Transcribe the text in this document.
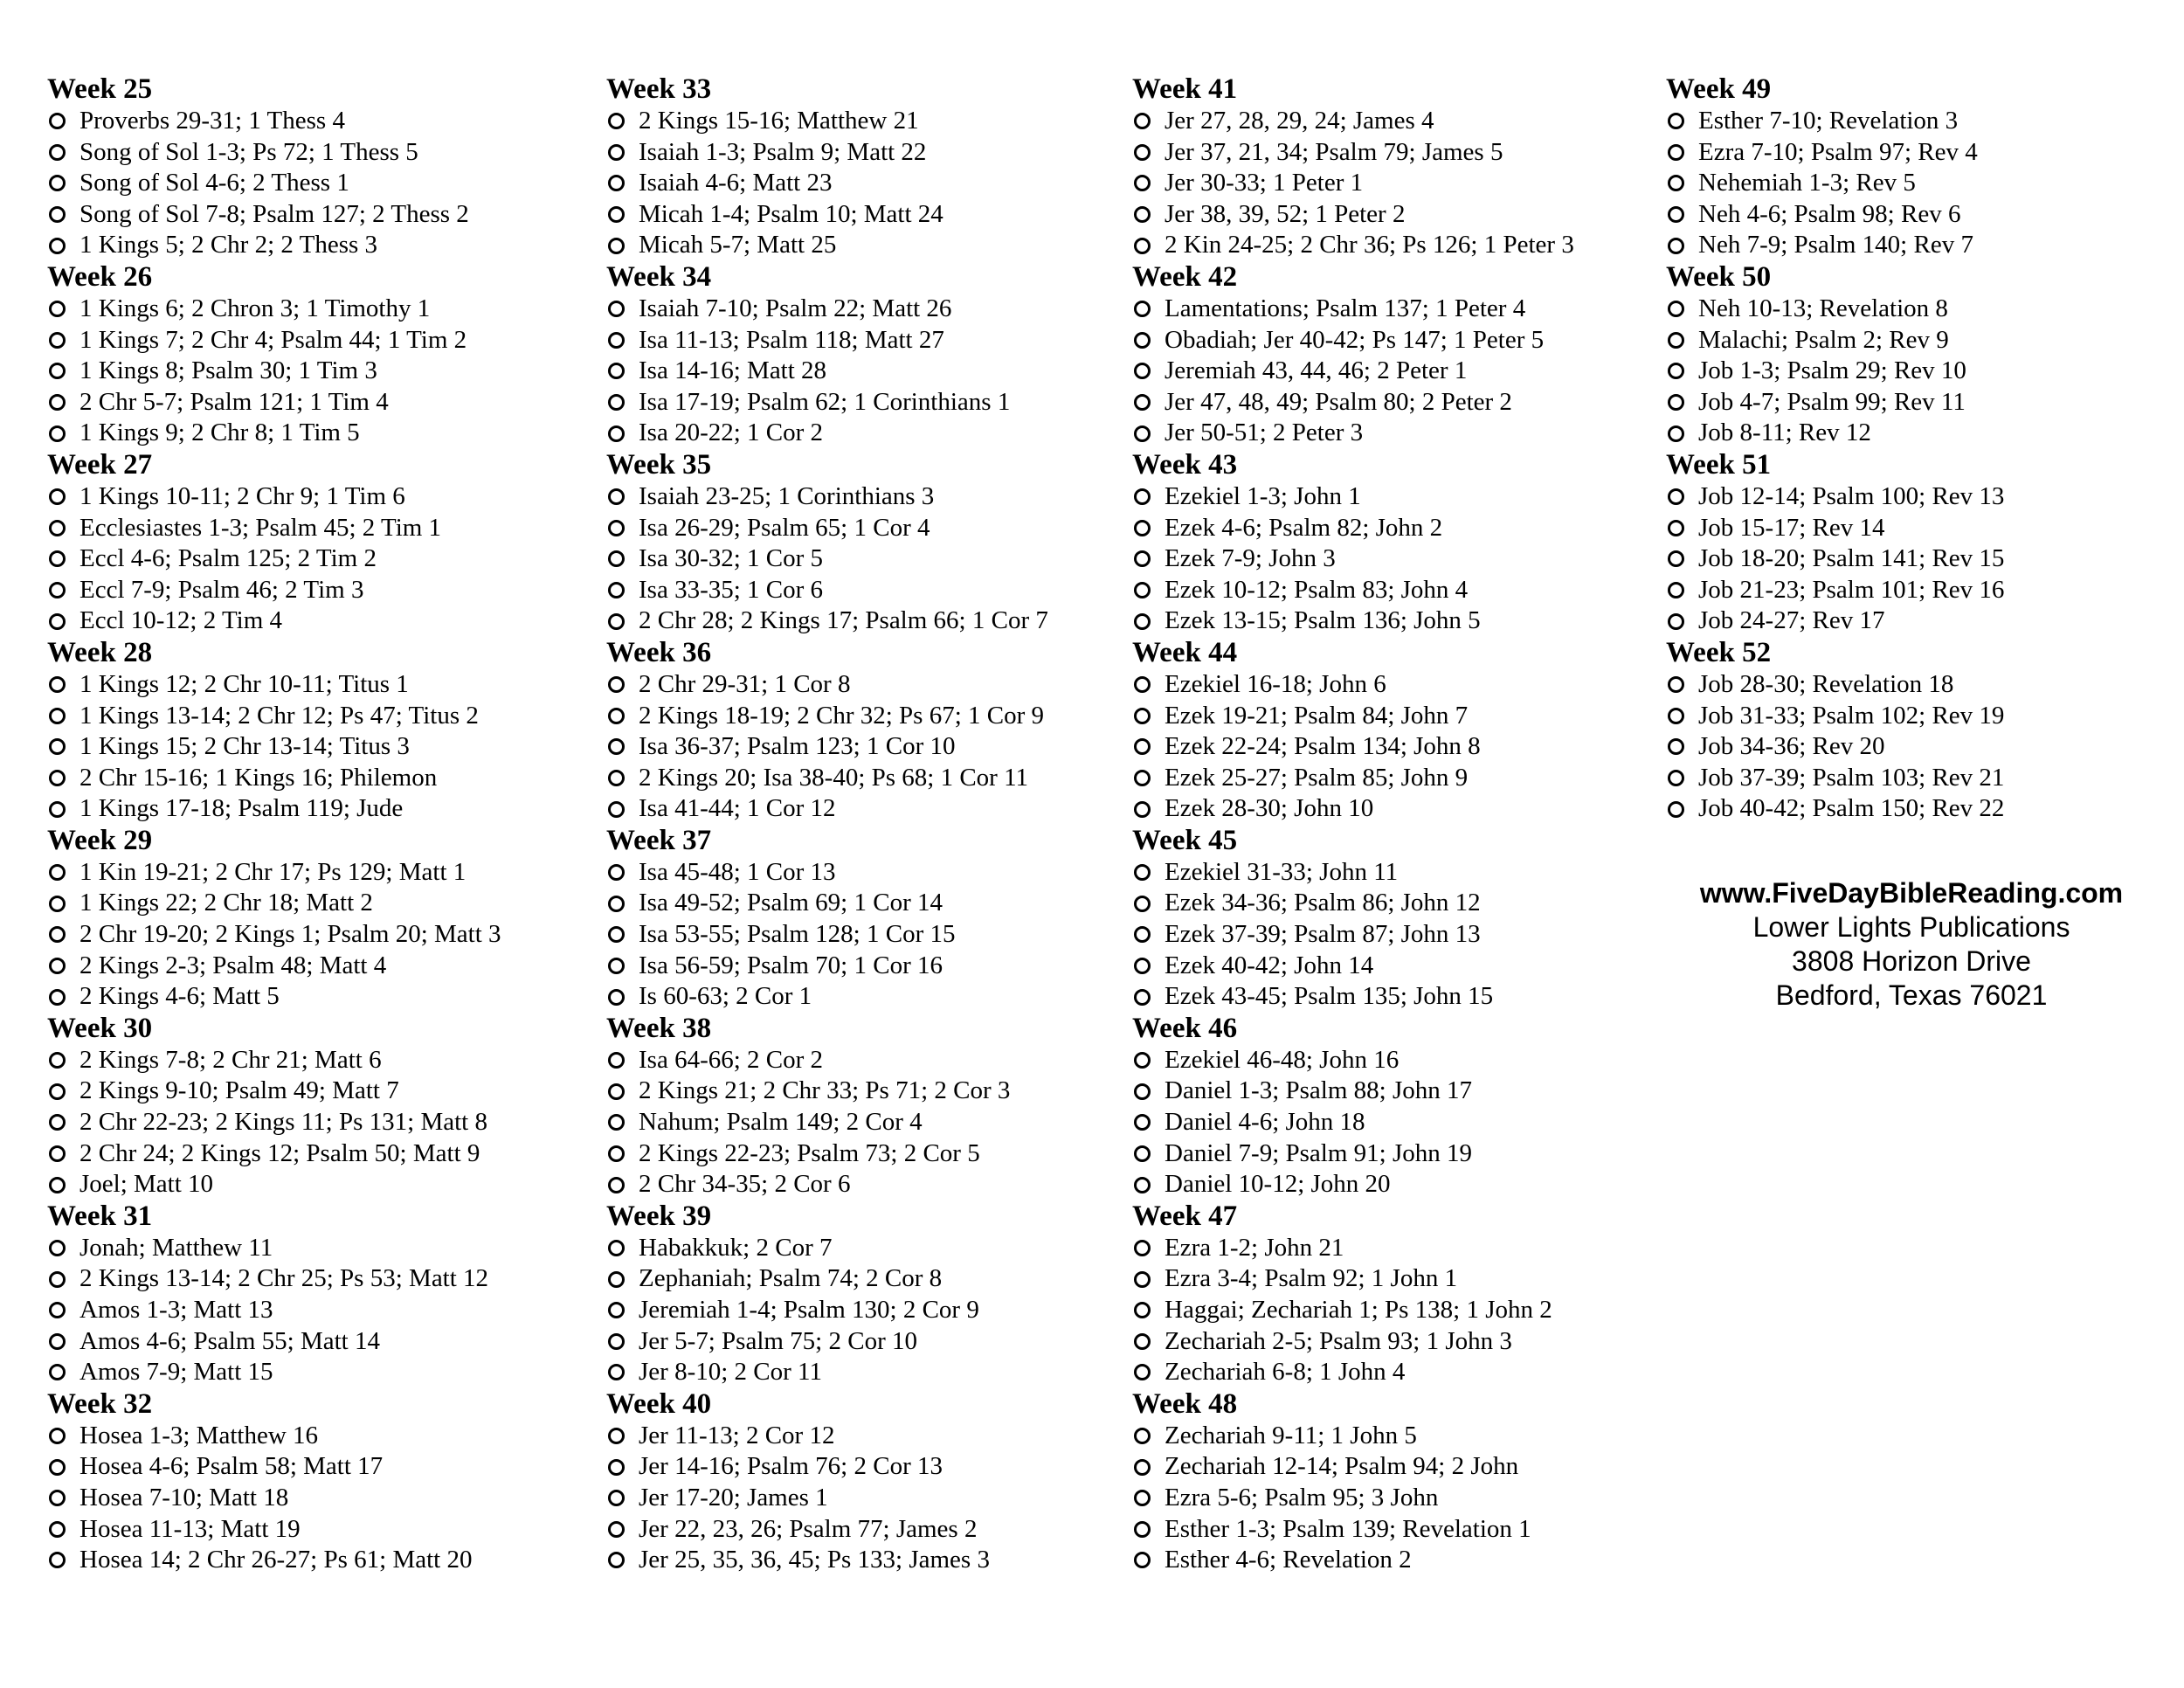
Week 25
Proverbs 29-31; 1 Thess 4
Song of Sol 1-3; Ps 72; 1 Thess 5
Song of Sol 4-6; 2 Thess 1
Song of Sol 7-8; Psalm 127; 2 Thess 2
1 Kings 5; 2 Chr 2; 2 Thess 3
Week 26
1 Kings 6; 2 Chron 3; 1 Timothy 1
1 Kings 7; 2 Chr 4; Psalm 44; 1 Tim 2
1 Kings 8; Psalm 30; 1 Tim 3
2 Chr 5-7; Psalm 121; 1 Tim 4
1 Kings 9; 2 Chr 8; 1 Tim 5
Week 27
1 Kings 10-11; 2 Chr 9; 1 Tim 6
Ecclesiastes 1-3; Psalm 45; 2 Tim 1
Eccl 4-6; Psalm 125; 2 Tim 2
Eccl 7-9; Psalm 46; 2 Tim 3
Eccl 10-12; 2 Tim 4
Week 28
1 Kings 12; 2 Chr 10-11; Titus 1
1 Kings 13-14; 2 Chr 12; Ps 47; Titus 2
1 Kings 15; 2 Chr 13-14; Titus 3
2 Chr 15-16; 1 Kings 16; Philemon
1 Kings 17-18; Psalm 119; Jude
Week 29
1 Kin 19-21; 2 Chr 17; Ps 129; Matt 1
1 Kings 22; 2 Chr 18; Matt 2
2 Chr 19-20; 2 Kings 1; Psalm 20; Matt 3
2 Kings 2-3; Psalm 48; Matt 4
2 Kings 4-6; Matt 5
Week 30
2 Kings 7-8; 2 Chr 21; Matt 6
2 Kings 9-10; Psalm 49; Matt 7
2 Chr 22-23; 2 Kings 11; Ps 131; Matt 8
2 Chr 24; 2 Kings 12; Psalm 50; Matt 9
Joel; Matt 10
Week 31
Jonah; Matthew 11
2 Kings 13-14; 2 Chr 25; Ps 53; Matt 12
Amos 1-3; Matt 13
Amos 4-6; Psalm 55; Matt 14
Amos 7-9; Matt 15
Week 32
Hosea 1-3; Matthew 16
Hosea 4-6; Psalm 58; Matt 17
Hosea 7-10; Matt 18
Hosea 11-13; Matt 19
Hosea 14; 2 Chr 26-27; Ps 61; Matt 20
Week 33
2 Kings 15-16; Matthew 21
Isaiah 1-3; Psalm 9; Matt 22
Isaiah 4-6; Matt 23
Micah 1-4; Psalm 10; Matt 24
Micah 5-7; Matt 25
Week 34
Isaiah 7-10; Psalm 22; Matt 26
Isa 11-13; Psalm 118; Matt 27
Isa 14-16; Matt 28
Isa 17-19; Psalm 62; 1 Corinthians 1
Isa 20-22; 1 Cor 2
Week 35
Isaiah 23-25; 1 Corinthians 3
Isa 26-29; Psalm 65; 1 Cor 4
Isa 30-32; 1 Cor 5
Isa 33-35; 1 Cor 6
2 Chr 28; 2 Kings 17; Psalm 66; 1 Cor 7
Week 36
2 Chr 29-31; 1 Cor 8
2 Kings 18-19; 2 Chr 32; Ps 67; 1 Cor 9
Isa 36-37; Psalm 123; 1 Cor 10
2 Kings 20; Isa 38-40; Ps 68; 1 Cor 11
Isa 41-44; 1 Cor 12
Week 37
Isa 45-48; 1 Cor 13
Isa 49-52; Psalm 69; 1 Cor 14
Isa 53-55; Psalm 128; 1 Cor 15
Isa 56-59; Psalm 70; 1 Cor 16
Is 60-63; 2 Cor 1
Week 38
Isa 64-66; 2 Cor 2
2 Kings 21; 2 Chr 33; Ps 71; 2 Cor 3
Nahum; Psalm 149; 2 Cor 4
2 Kings 22-23; Psalm 73; 2 Cor 5
2 Chr 34-35; 2 Cor 6
Week 39
Habakkuk; 2 Cor 7
Zephaniah; Psalm 74; 2 Cor 8
Jeremiah 1-4; Psalm 130; 2 Cor 9
Jer 5-7; Psalm 75; 2 Cor 10
Jer 8-10; 2 Cor 11
Week 40
Jer 11-13; 2 Cor 12
Jer 14-16; Psalm 76; 2 Cor 13
Jer 17-20; James 1
Jer 22, 23, 26; Psalm 77; James 2
Jer 25, 35, 36, 45; Ps 133; James 3
Week 41
Jer 27, 28, 29, 24; James 4
Jer 37, 21, 34; Psalm 79; James 5
Jer 30-33; 1 Peter 1
Jer 38, 39, 52; 1 Peter 2
2 Kin 24-25; 2 Chr 36; Ps 126; 1 Peter 3
Week 42
Lamentations; Psalm 137; 1 Peter 4
Obadiah; Jer 40-42; Ps 147; 1 Peter 5
Jeremiah 43, 44, 46; 2 Peter 1
Jer 47, 48, 49; Psalm 80; 2 Peter 2
Jer 50-51; 2 Peter 3
Week 43
Ezekiel 1-3; John 1
Ezek 4-6; Psalm 82; John 2
Ezek 7-9; John 3
Ezek 10-12; Psalm 83; John 4
Ezek 13-15; Psalm 136; John 5
Week 44
Ezekiel 16-18; John 6
Ezek 19-21; Psalm 84; John 7
Ezek 22-24; Psalm 134; John 8
Ezek 25-27; Psalm 85; John 9
Ezek 28-30; John 10
Week 45
Ezekiel 31-33; John 11
Ezek 34-36; Psalm 86; John 12
Ezek 37-39; Psalm 87; John 13
Ezek 40-42; John 14
Ezek 43-45; Psalm 135; John 15
Week 46
Ezekiel 46-48; John 16
Daniel 1-3; Psalm 88; John 17
Daniel 4-6; John 18
Daniel 7-9; Psalm 91; John 19
Daniel 10-12; John 20
Week 47
Ezra 1-2; John 21
Ezra 3-4; Psalm 92; 1 John 1
Haggai; Zechariah 1; Ps 138; 1 John 2
Zechariah 2-5; Psalm 93; 1 John 3
Zechariah 6-8; 1 John 4
Week 48
Zechariah 9-11; 1 John 5
Zechariah 12-14; Psalm 94; 2 John
Ezra 5-6; Psalm 95; 3 John
Esther 1-3; Psalm 139; Revelation 1
Esther 4-6; Revelation 2
Week 49
Esther 7-10; Revelation 3
Ezra 7-10; Psalm 97; Rev 4
Nehemiah 1-3; Rev 5
Neh 4-6; Psalm 98; Rev 6
Neh 7-9; Psalm 140; Rev 7
Week 50
Neh 10-13; Revelation 8
Malachi; Psalm 2; Rev 9
Job 1-3; Psalm 29; Rev 10
Job 4-7; Psalm 99; Rev 11
Job 8-11; Rev 12
Week 51
Job 12-14; Psalm 100; Rev 13
Job 15-17; Rev 14
Job 18-20; Psalm 141; Rev 15
Job 21-23; Psalm 101; Rev 16
Job 24-27; Rev 17
Week 52
Job 28-30; Revelation 18
Job 31-33; Psalm 102; Rev 19
Job 34-36; Rev 20
Job 37-39; Psalm 103; Rev 21
Job 40-42; Psalm 150; Rev 22
www.FiveDayBibleReading.com
Lower Lights Publications
3808 Horizon Drive
Bedford, Texas 76021
